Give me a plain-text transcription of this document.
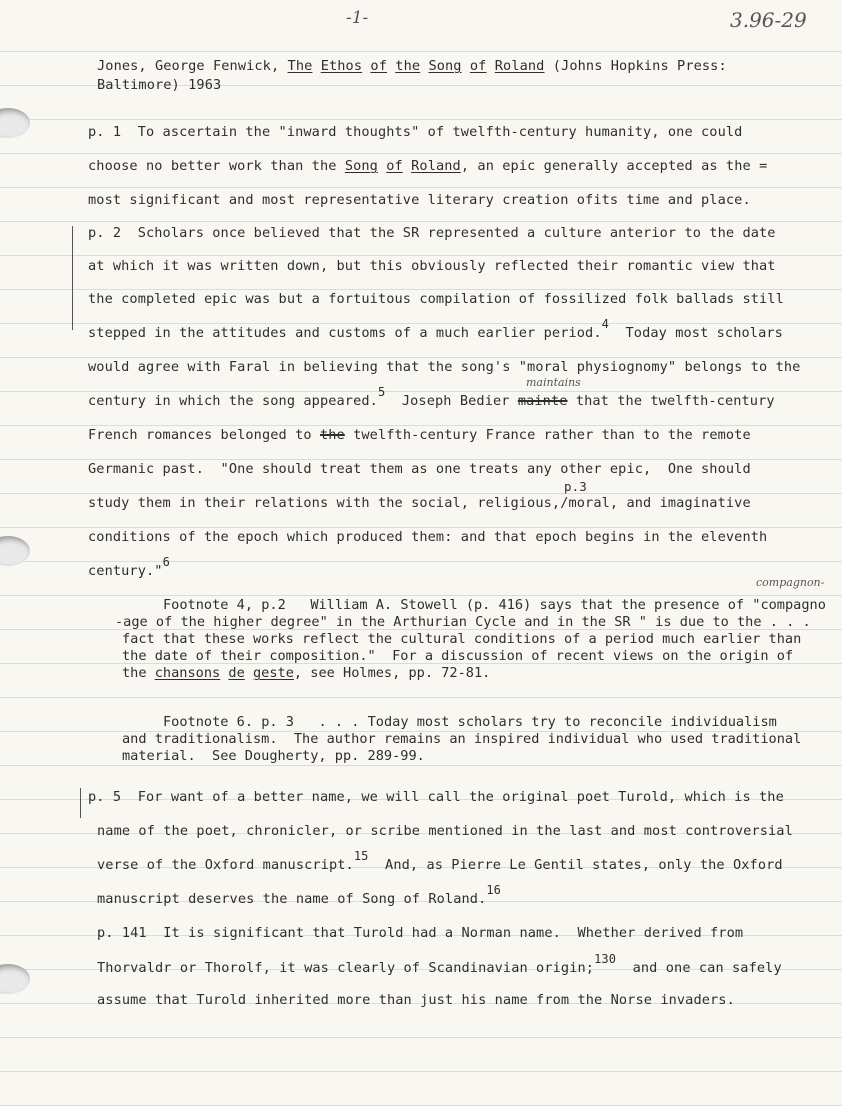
-1-	3.96-29
Jones, George Fenwick, The Ethos of the Song of Roland (Johns Hopkins Press:
Baltimore) 1963
p. 1  To ascertain the "inward thoughts" of twelfth-century humanity, one could
choose no better work than the Song of Roland, an epic generally accepted as the =
most significant and most representative literary creation ofits time and place.
p. 2  Scholars once believed that the SR represented a culture anterior to the date
at which it was written down, but this obviously reflected their romantic view that
the completed epic was but a fortuitous compilation of fossilized folk ballads still
stepped in the attitudes and customs of a much earlier period.4  Today most scholars
would agree with Faral in believing that the song's "moral physiognomy" belongs to the
maintains
century in which the song appeared.5  Joseph Bedier mainte that the twelfth-century
French romances belonged to the twelfth-century France rather than to the remote
Germanic past.  "One should treat them as one treats any other epic,  One should
p.3
study them in their relations with the social, religious,/moral, and imaginative
conditions of the epoch which produced them: and that epoch begins in the eleventh
century."6
compagnon-
Footnote 4, p.2   William A. Stowell (p. 416) says that the presence of "compagno
-age of the higher degree" in the Arthurian Cycle and in the SR " is due to the . . .
fact that these works reflect the cultural conditions of a period much earlier than
the date of their composition."  For a discussion of recent views on the origin of
the chansons de geste, see Holmes, pp. 72-81.
Footnote 6. p. 3   . . . Today most scholars try to reconcile individualism
and traditionalism.  The author remains an inspired individual who used traditional
material.  See Dougherty, pp. 289-99.
p. 5  For want of a better name, we will call the original poet Turold, which is the
name of the poet, chronicler, or scribe mentioned in the last and most controversial
verse of the Oxford manuscript.15  And, as Pierre Le Gentil states, only the Oxford
manuscript deserves the name of Song of Roland.16
p. 141  It is significant that Turold had a Norman name.  Whether derived from
Thorvaldr or Thorolf, it was clearly of Scandinavian origin;130  and one can safely
assume that Turold inherited more than just his name from the Norse invaders.
